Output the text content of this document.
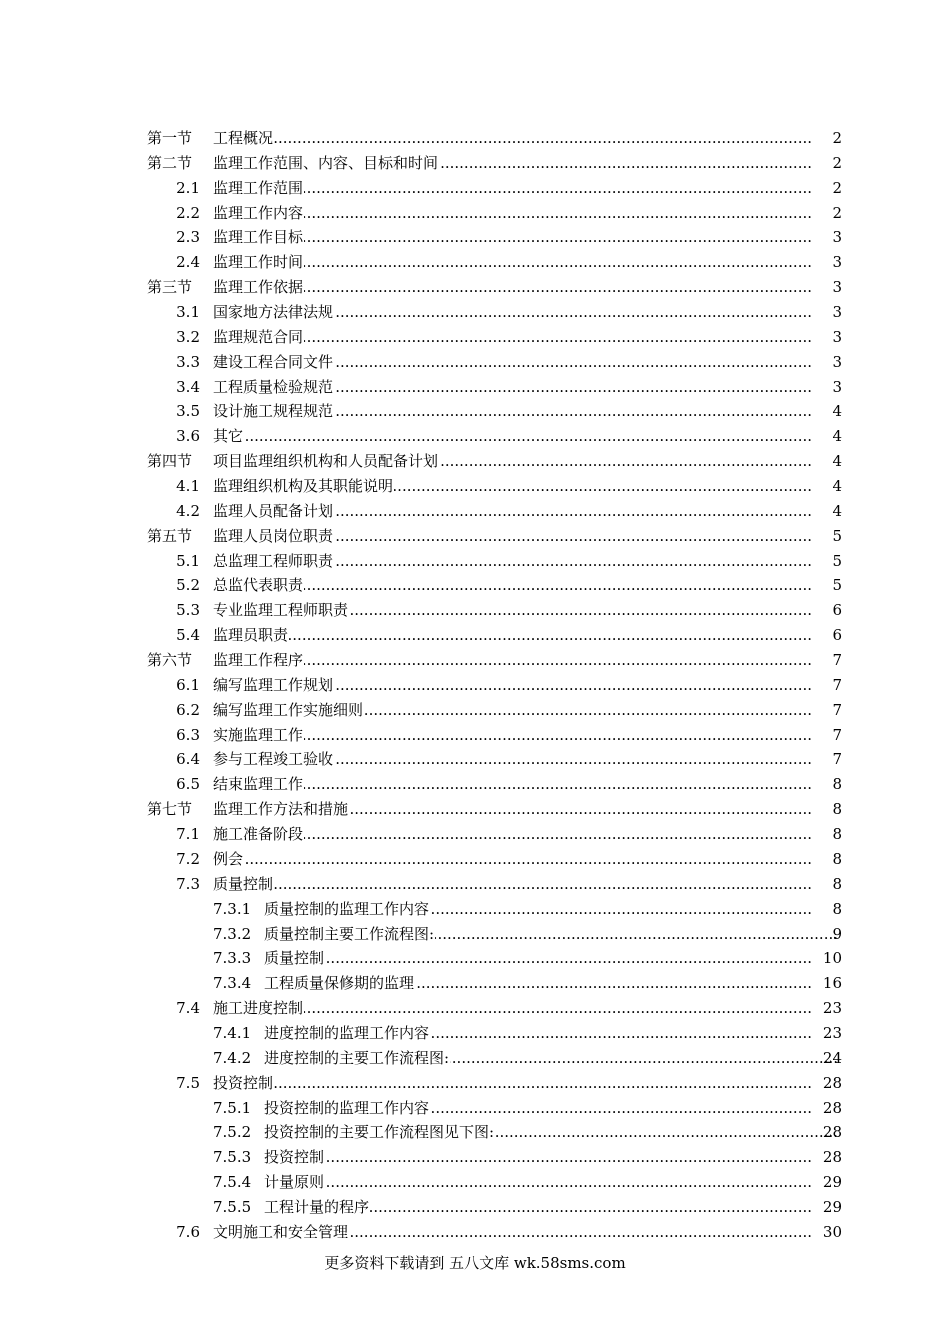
第一节 工程概况 .....	2
第二节 监理工作范围、内容、目标和时间 .....	2
2.1 监理工作范围 .....	2
2.2 监理工作内容 .....	2
2.3 监理工作目标 .....	3
2.4 监理工作时间 .....	3
第三节 监理工作依据 .....	3
3.1 国家地方法律法规 .....	3
3.2 监理规范合同 .....	3
3.3 建设工程合同文件 .....	3
3.4 工程质量检验规范 .....	3
3.5 设计施工规程规范 .....	4
3.6 其它 .....	4
第四节 项目监理组织机构和人员配备计划 .....	4
4.1 监理组织机构及其职能说明 .....	4
4.2 监理人员配备计划 .....	4
第五节 监理人员岗位职责 .....	5
5.1 总监理工程师职责 .....	5
5.2 总监代表职责 .....	5
5.3 专业监理工程师职责 .....	6
5.4 监理员职责 .....	6
第六节 监理工作程序 .....	7
6.1 编写监理工作规划 .....	7
6.2 编写监理工作实施细则 .....	7
6.3 实施监理工作 .....	7
6.4 参与工程竣工验收 .....	7
6.5 结束监理工作 .....	8
第七节 监理工作方法和措施 .....	8
7.1 施工准备阶段 .....	8
7.2 例会 .....	8
7.3 质量控制 .....	8
7.3.1 质量控制的监理工作内容 .....	8
7.3.2 质量控制主要工作流程图: .....	9
7.3.3 质量控制 .....	10
7.3.4 工程质量保修期的监理 .....	16
7.4 施工进度控制 .....	23
7.4.1 进度控制的监理工作内容 .....	23
7.4.2 进度控制的主要工作流程图: .....	24
7.5 投资控制 .....	28
7.5.1 投资控制的监理工作内容 .....	28
7.5.2 投资控制的主要工作流程图见下图: .....	28
7.5.3 投资控制 .....	28
7.5.4 计量原则 .....	29
7.5.5 工程计量的程序 .....	29
7.6 文明施工和安全管理 .....	30
更多资料下载请到 五八文库 wk.58sms.com
